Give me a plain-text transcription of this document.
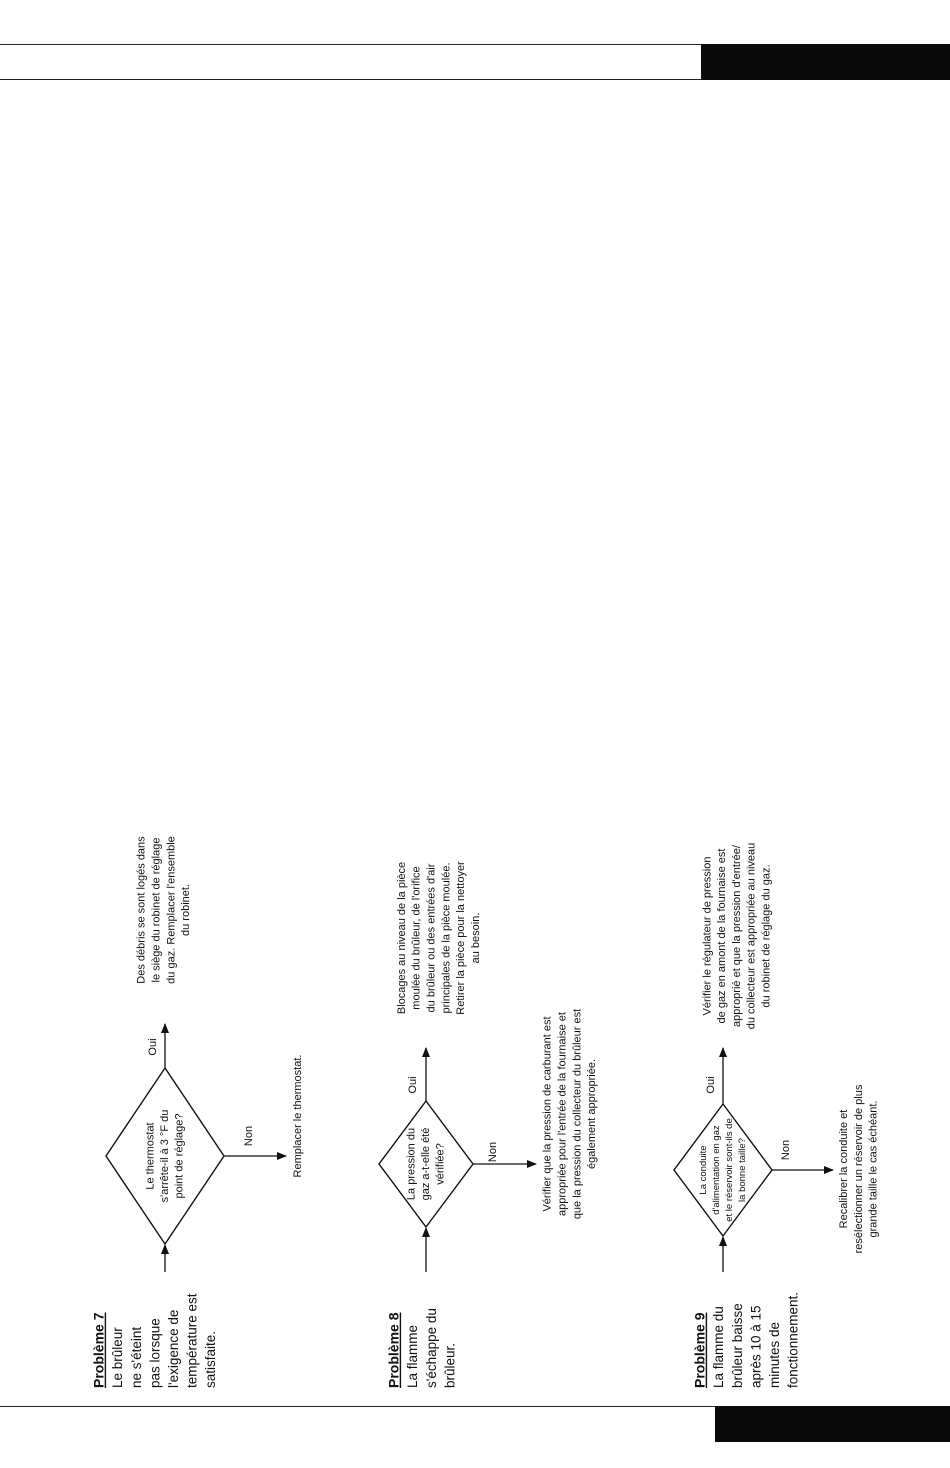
Problème 7 Le brûleur ne s'éteint pas lorsque l'exigence de température est satisfaite.
Le thermostat s'arrête-il à 3 °F du point de réglage?
Oui
Des débris se sont logés dans le siège du robinet de réglage du gaz. Remplacer l'ensemble du robinet.
Non	Remplacer le thermostat.
Problème 8 La flamme s'échappe du brûleur.
La pression du gaz a-t-elle été vérifiée?
Oui
Blocages au niveau de la pièce moulée du brûleur, de l'orifice du brûleur ou des entrées d'air principales de la pièce moulée. Retirer la pièce pour la nettoyer au besoin.
Non	Vérifier que la pression de carburant est appropriée pour l'entrée de la fournaise et que la pression du collecteur du brûleur est également appropriée.
Problème 9 La flamme du brûleur baisse après 10 à 15 minutes de fonctionnement.
La conduite d'alimentation en gaz et le réservoir sont-ils de la bonne taille?
Oui
Vérifier le régulateur de pression de gaz en amont de la fournaise est approprié et que la pression d'entrée/ du collecteur est appropriée au niveau du robinet de réglage du gaz.
Non	Recalibrer la conduite et resélectionner un réservoir de plus grande taille le cas échéant.
